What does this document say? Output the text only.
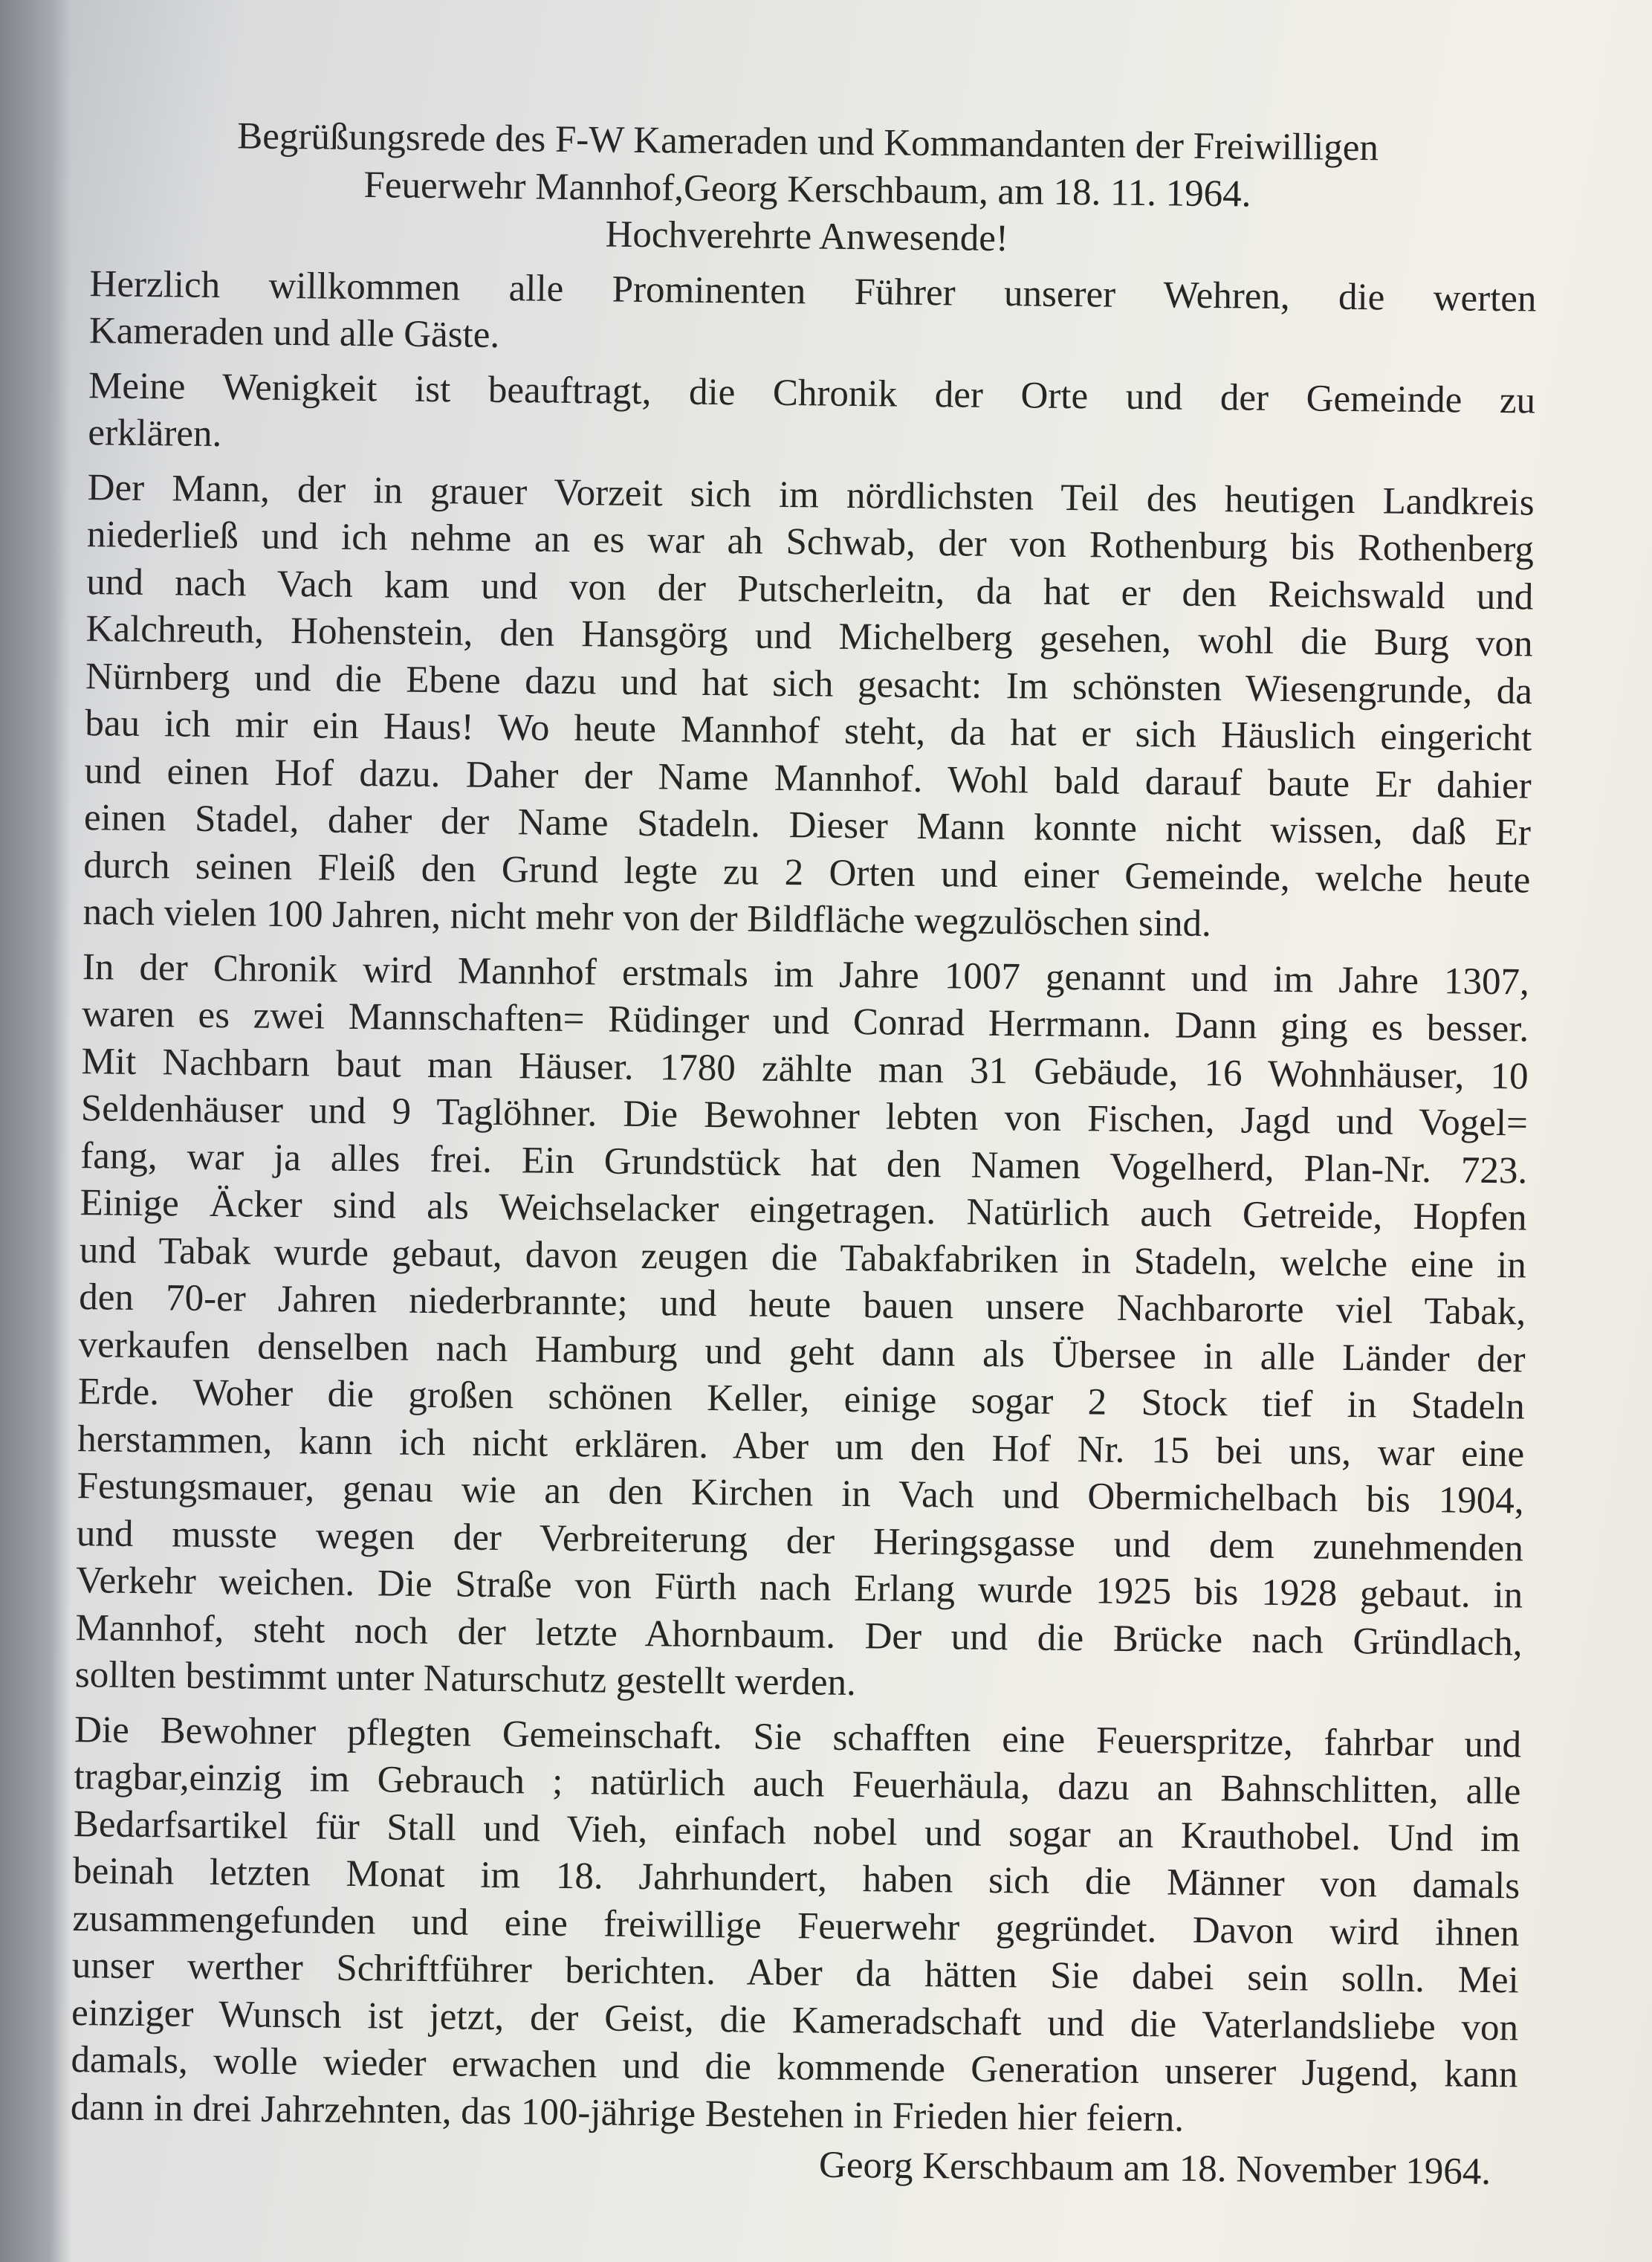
Begrüßungsrede des F-W Kameraden und Kommandanten der Freiwilligen
Feuerwehr Mannhof,Georg Kerschbaum, am 18. 11. 1964.
Hochverehrte Anwesende!
Herzlich willkommen alle Prominenten Führer unserer Wehren, die werten
Kameraden und alle Gäste.
Meine Wenigkeit ist beauftragt, die Chronik der Orte und der Gemeinde zu
erklären.
Der Mann, der in grauer Vorzeit sich im nördlichsten Teil des heutigen Landkreis
niederließ und ich nehme an es war ah Schwab, der von Rothenburg bis Rothenberg
und nach Vach kam und von der Putscherleitn, da hat er den Reichswald und
Kalchreuth, Hohenstein, den Hansgörg und Michelberg gesehen, wohl die Burg von
Nürnberg und die Ebene dazu und hat sich gesacht: Im schönsten Wiesengrunde, da
bau ich mir ein Haus! Wo heute Mannhof steht, da hat er sich Häuslich eingericht
und einen Hof dazu. Daher der Name Mannhof. Wohl bald darauf baute Er dahier
einen Stadel, daher der Name Stadeln. Dieser Mann konnte nicht wissen, daß Er
durch seinen Fleiß den Grund legte zu 2 Orten und einer Gemeinde, welche heute
nach vielen 100 Jahren, nicht mehr von der Bildfläche wegzulöschen sind.
In der Chronik wird Mannhof erstmals im Jahre 1007 genannt und im Jahre 1307,
waren es zwei Mannschaften= Rüdinger und Conrad Herrmann. Dann ging es besser.
Mit Nachbarn baut man Häuser. 1780 zählte man 31 Gebäude, 16 Wohnhäuser, 10
Seldenhäuser und 9 Taglöhner. Die Bewohner lebten von Fischen, Jagd und Vogel=
fang, war ja alles frei. Ein Grundstück hat den Namen Vogelherd, Plan-Nr. 723.
Einige Äcker sind als Weichselacker eingetragen. Natürlich auch Getreide, Hopfen
und Tabak wurde gebaut, davon zeugen die Tabakfabriken in Stadeln, welche eine in
den 70-er Jahren niederbrannte; und heute bauen unsere Nachbarorte viel Tabak,
verkaufen denselben nach Hamburg und geht dann als Übersee in alle Länder der
Erde. Woher die großen schönen Keller, einige sogar 2 Stock tief in Stadeln
herstammen, kann ich nicht erklären. Aber um den Hof Nr. 15 bei uns, war eine
Festungsmauer, genau wie an den Kirchen in Vach und Obermichelbach bis 1904,
und musste wegen der Verbreiterung der Heringsgasse und dem zunehmenden
Verkehr weichen. Die Straße von Fürth nach Erlang wurde 1925 bis 1928 gebaut. in
Mannhof, steht noch der letzte Ahornbaum. Der und die Brücke nach Gründlach,
sollten bestimmt unter Naturschutz gestellt werden.
Die Bewohner pflegten Gemeinschaft. Sie schafften eine Feuerspritze, fahrbar und
tragbar,einzig im Gebrauch ; natürlich auch Feuerhäula, dazu an Bahnschlitten, alle
Bedarfsartikel für Stall und Vieh, einfach nobel und sogar an Krauthobel. Und im
beinah letzten Monat im 18. Jahrhundert, haben sich die Männer von damals
zusammengefunden und eine freiwillige Feuerwehr gegründet. Davon wird ihnen
unser werther Schriftführer berichten. Aber da hätten Sie dabei sein solln. Mei
einziger Wunsch ist jetzt, der Geist, die Kameradschaft und die Vaterlandsliebe von
damals, wolle wieder erwachen und die kommende Generation unserer Jugend, kann
dann in drei Jahrzehnten, das 100-jährige Bestehen in Frieden hier feiern.
Georg Kerschbaum am 18. November 1964.
